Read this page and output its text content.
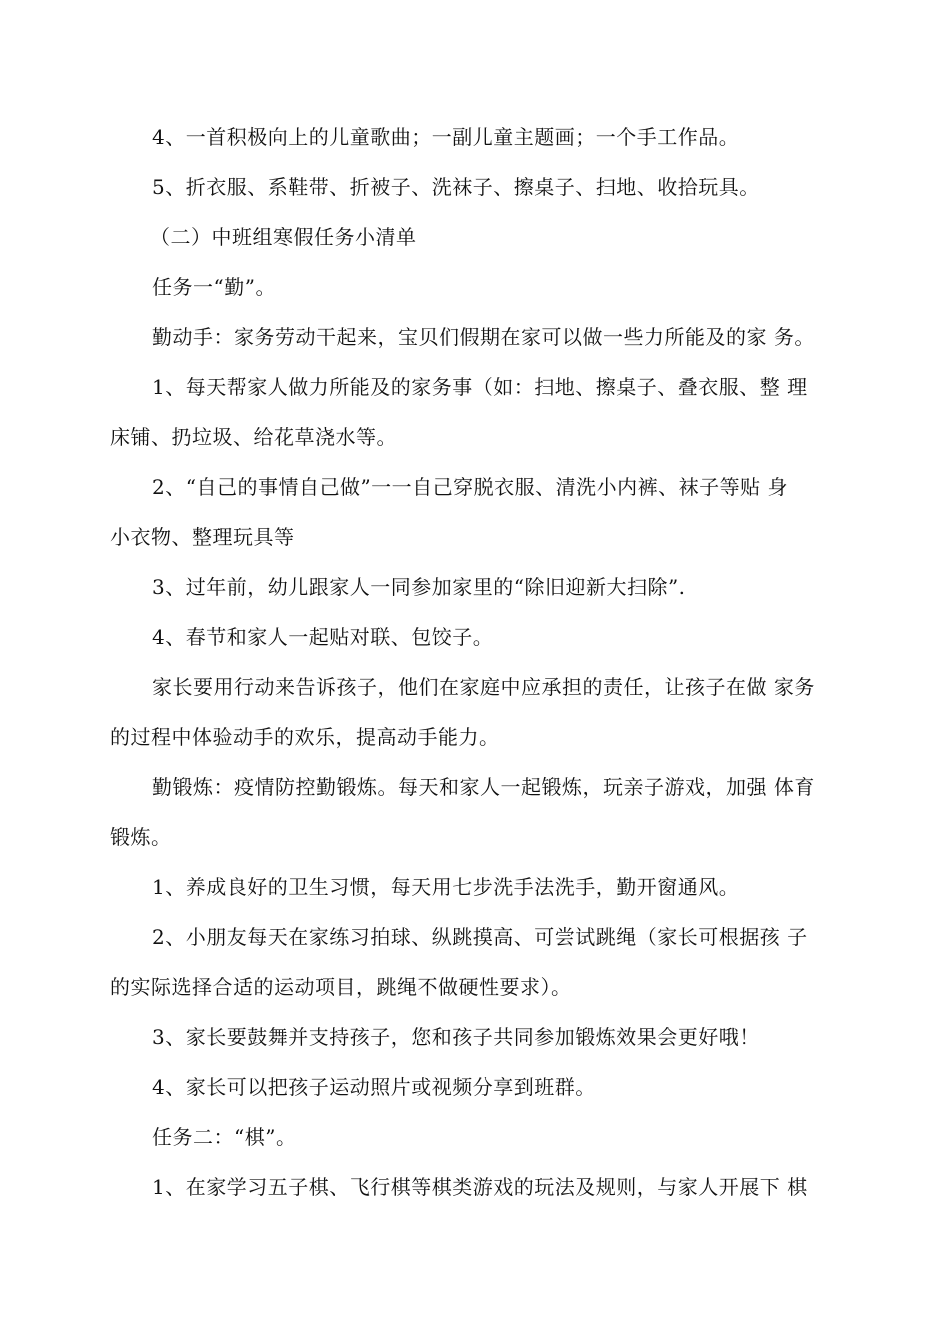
4、一首积极向上的儿童歌曲；一副儿童主题画；一个手工作品。
5、折衣服、系鞋带、折被子、洗袜子、擦桌子、扫地、收拾玩具。
（二）中班组寒假任务小清单
任务一“勤”。
勤动手：家务劳动干起来，宝贝们假期在家可以做一些力所能及的家 务。
1、每天帮家人做力所能及的家务事（如：扫地、擦桌子、叠衣服、整 理
床铺、扔垃圾、给花草浇水等。
2、“自己的事情自己做”一一自己穿脱衣服、清洗小内裤、袜子等贴 身
小衣物、整理玩具等
3、过年前，幼儿跟家人一同参加家里的“除旧迎新大扫除”.
4、春节和家人一起贴对联、包饺子。
家长要用行动来告诉孩子，他们在家庭中应承担的责任，让孩子在做 家务
的过程中体验动手的欢乐，提高动手能力。
勤锻炼：疫情防控勤锻炼。每天和家人一起锻炼，玩亲子游戏，加强 体育
锻炼。
1、养成良好的卫生习惯，每天用七步洗手法洗手，勤开窗通风。
2、小朋友每天在家练习拍球、纵跳摸高、可尝试跳绳（家长可根据孩 子
的实际选择合适的运动项目，跳绳不做硬性要求）。
3、家长要鼓舞并支持孩子，您和孩子共同参加锻炼效果会更好哦！
4、家长可以把孩子运动照片或视频分享到班群。
任务二：“棋”。
1、在家学习五子棋、飞行棋等棋类游戏的玩法及规则，与家人开展下 棋
